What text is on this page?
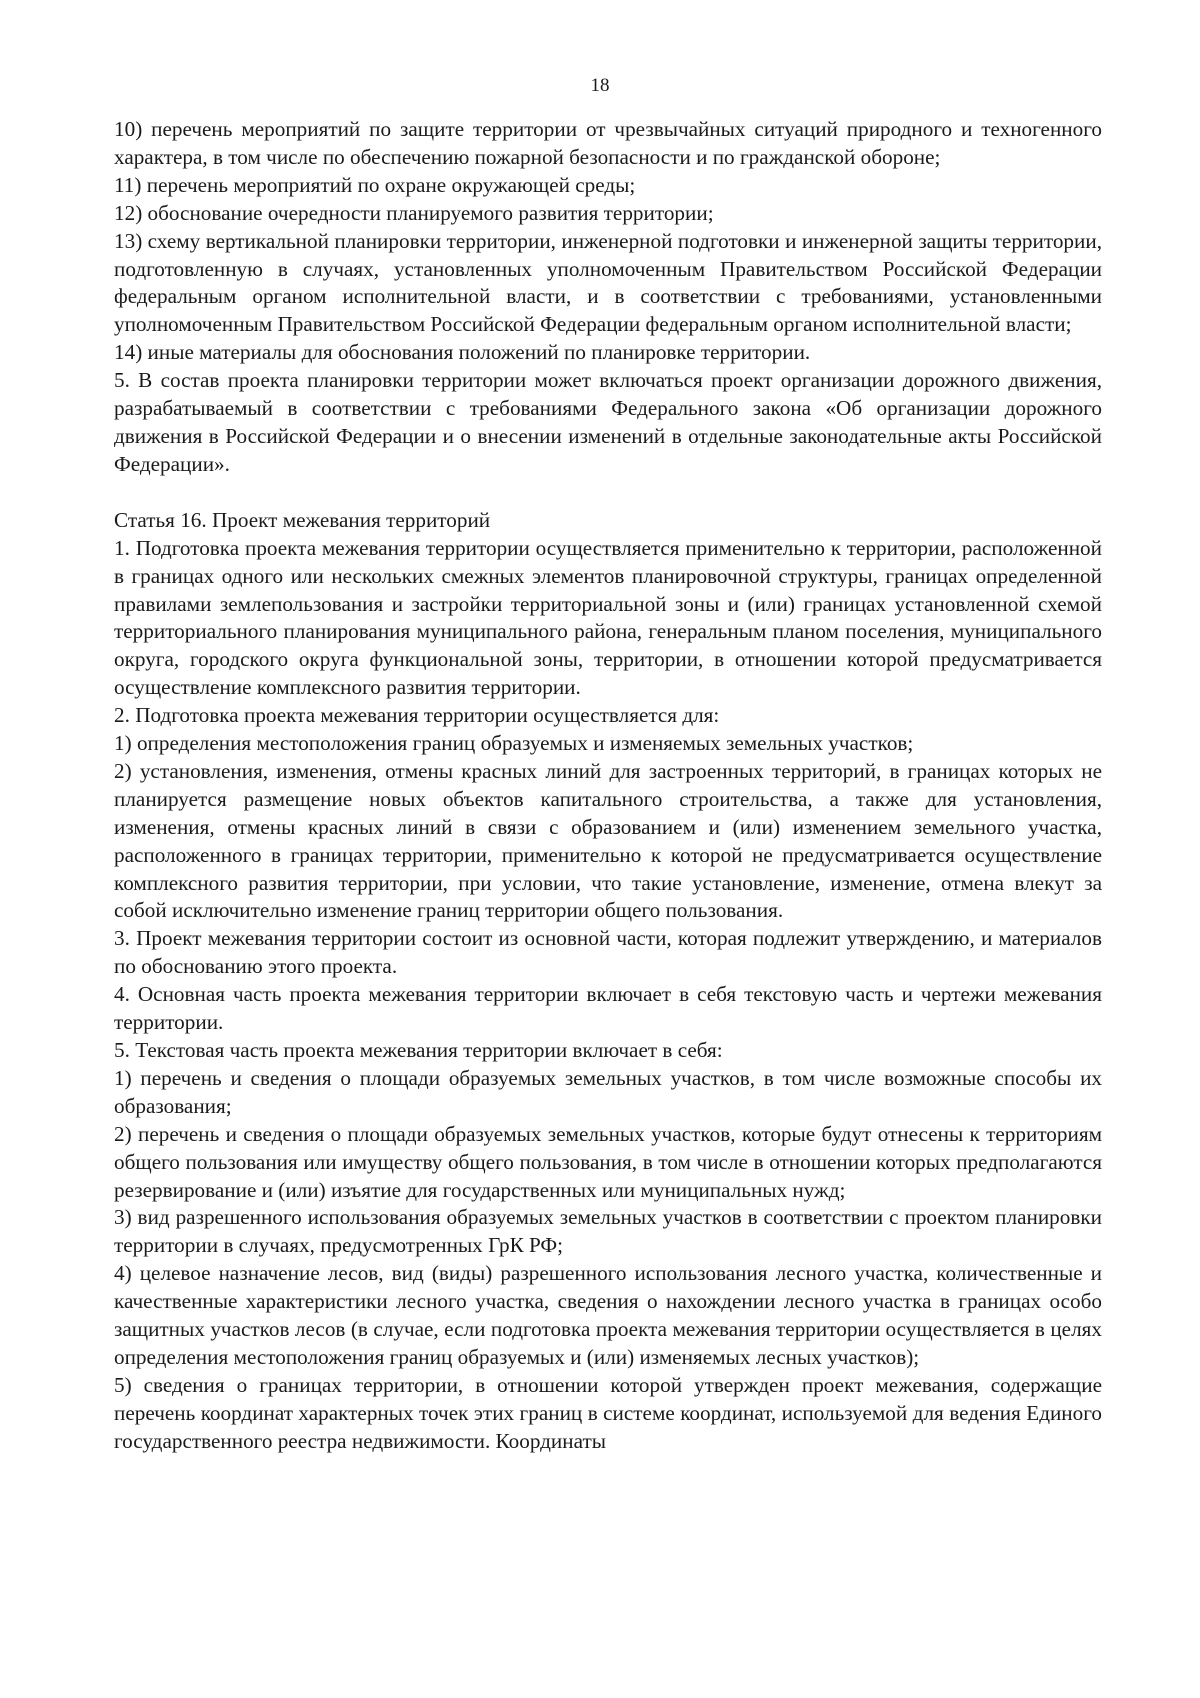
18

10) перечень мероприятий по защите территории от чрезвычайных ситуаций природного и техногенного характера, в том числе по обеспечению пожарной безопасности и по гражданской обороне;

11) перечень мероприятий по охране окружающей среды;

12) обоснование очередности планируемого развития территории;

13) схему вертикальной планировки территории, инженерной подготовки и инженерной защиты территории, подготовленную в случаях, установленных уполномоченным Правительством Российской Федерации федеральным органом исполнительной власти, и в соответствии с требованиями, установленными уполномоченным Правительством Российской Федерации федеральным органом исполнительной власти;

14) иные материалы для обоснования положений по планировке территории.

5. В состав проекта планировки территории может включаться проект организации дорожного движения, разрабатываемый в соответствии с требованиями Федерального закона «Об организации дорожного движения в Российской Федерации и о внесении изменений в отдельные законодательные акты Российской Федерации».

Статья 16. Проект межевания территорий

1. Подготовка проекта межевания территории осуществляется применительно к территории, расположенной в границах одного или нескольких смежных элементов планировочной структуры, границах определенной правилами землепользования и застройки территориальной зоны и (или) границах установленной схемой территориального планирования муниципального района, генеральным планом поселения, муниципального округа, городского округа функциональной зоны, территории, в отношении которой предусматривается осуществление комплексного развития территории.

2. Подготовка проекта межевания территории осуществляется для:

1) определения местоположения границ образуемых и изменяемых земельных участков;

2) установления, изменения, отмены красных линий для застроенных территорий, в границах которых не планируется размещение новых объектов капитального строительства, а также для установления, изменения, отмены красных линий в связи с образованием и (или) изменением земельного участка, расположенного в границах территории, применительно к которой не предусматривается осуществление комплексного развития территории, при условии, что такие установление, изменение, отмена влекут за собой исключительно изменение границ территории общего пользования.

3. Проект межевания территории состоит из основной части, которая подлежит утверждению, и материалов по обоснованию этого проекта.

4. Основная часть проекта межевания территории включает в себя текстовую часть и чертежи межевания территории.

5. Текстовая часть проекта межевания территории включает в себя:

1) перечень и сведения о площади образуемых земельных участков, в том числе возможные способы их образования;

2) перечень и сведения о площади образуемых земельных участков, которые будут отнесены к территориям общего пользования или имуществу общего пользования, в том числе в отношении которых предполагаются резервирование и (или) изъятие для государственных или муниципальных нужд;

3) вид разрешенного использования образуемых земельных участков в соответствии с проектом планировки территории в случаях, предусмотренных ГрК РФ;

4) целевое назначение лесов, вид (виды) разрешенного использования лесного участка, количественные и качественные характеристики лесного участка, сведения о нахождении лесного участка в границах особо защитных участков лесов (в случае, если подготовка проекта межевания территории осуществляется в целях определения местоположения границ образуемых и (или) изменяемых лесных участков);

5) сведения о границах территории, в отношении которой утвержден проект межевания, содержащие перечень координат характерных точек этих границ в системе координат, используемой для ведения Единого государственного реестра недвижимости. Координаты
